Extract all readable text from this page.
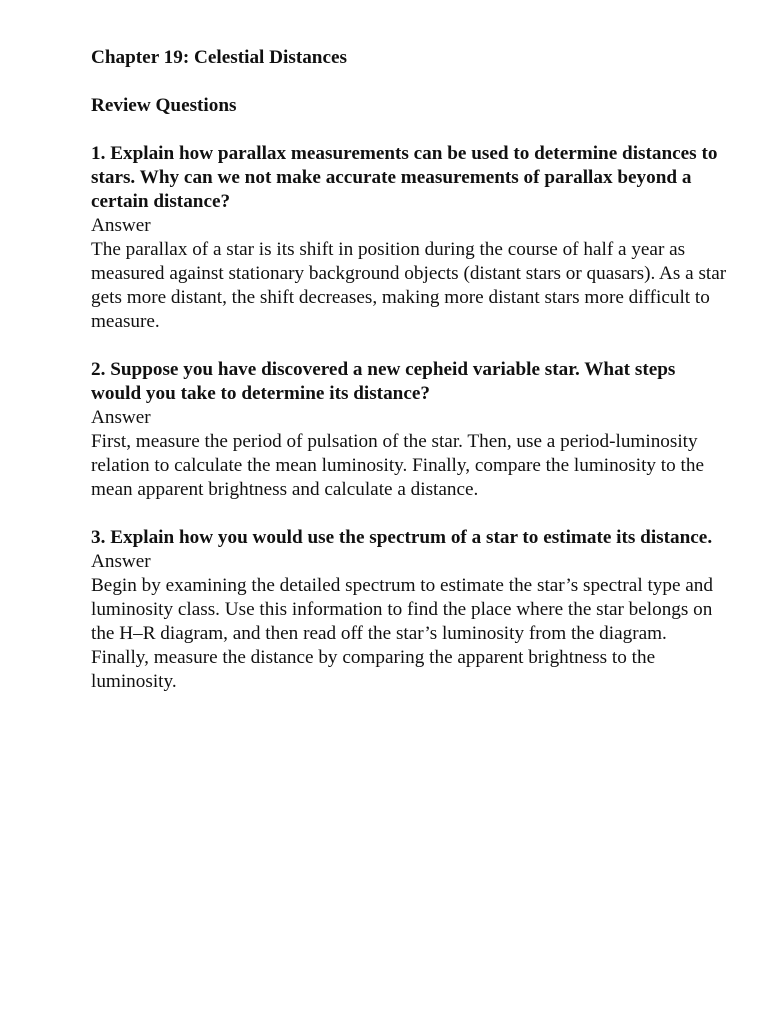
Chapter 19: Celestial Distances

Review Questions

1. Explain how parallax measurements can be used to determine distances to stars. Why can we not make accurate measurements of parallax beyond a certain distance?

Answer

The parallax of a star is its shift in position during the course of half a year as measured against stationary background objects (distant stars or quasars). As a star gets more distant, the shift decreases, making more distant stars more difficult to measure.

2. Suppose you have discovered a new cepheid variable star. What steps would you take to determine its distance?

Answer

First, measure the period of pulsation of the star. Then, use a period-luminosity relation to calculate the mean luminosity. Finally, compare the luminosity to the mean apparent brightness and calculate a distance.

3. Explain how you would use the spectrum of a star to estimate its distance.

Answer

Begin by examining the detailed spectrum to estimate the star’s spectral type and luminosity class. Use this information to find the place where the star belongs on the H–R diagram, and then read off the star’s luminosity from the diagram. Finally, measure the distance by comparing the apparent brightness to the luminosity.
